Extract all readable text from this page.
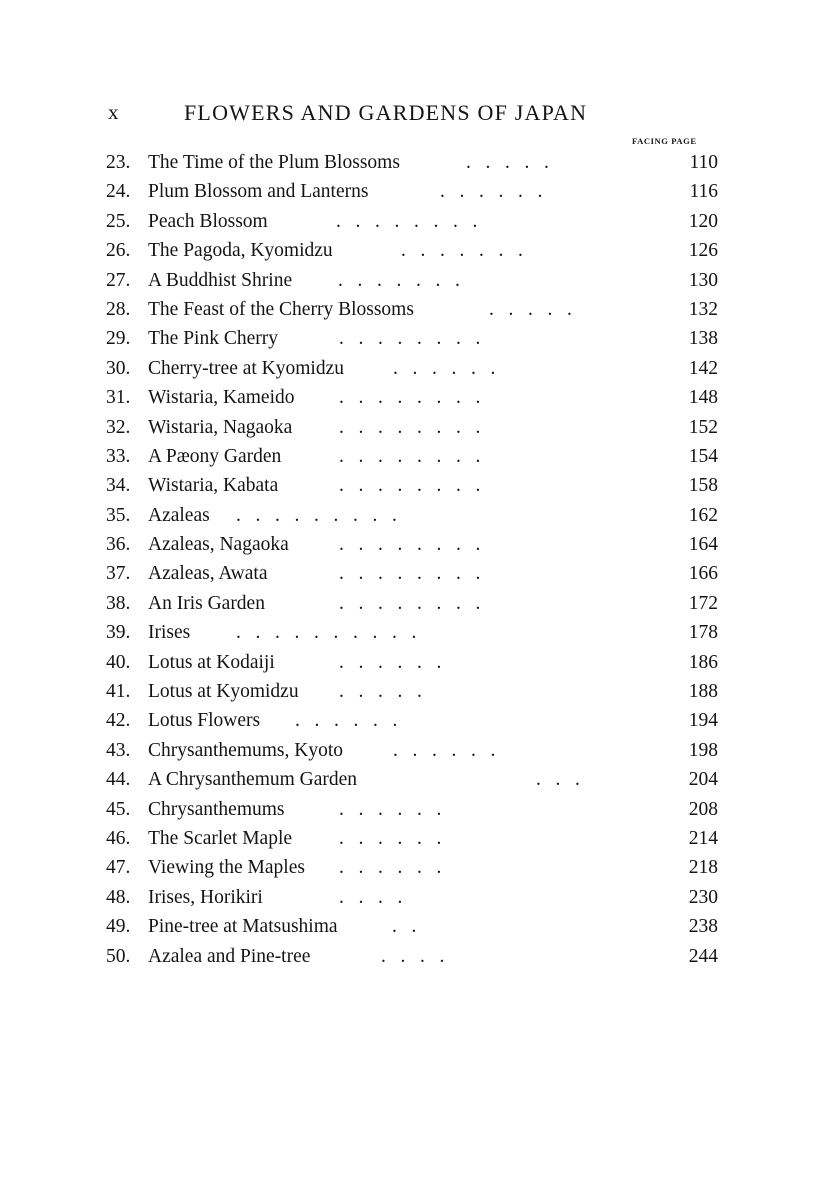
x	FLOWERS AND GARDENS OF JAPAN
FACING PAGE
23. The Time of the Plum Blossoms	.   .   .   .   .	110
24. Plum Blossom and Lanterns	.   .   .   .   .   .	116
25. Peach Blossom	.   .   .   .   .   .   .   .	120
26. The Pagoda, Kyomidzu	.   .   .   .   .   .   .	126
27. A Buddhist Shrine .   .   .   .   .   .   .	130
28. The Feast of the Cherry Blossoms	.   .   .   .   .	132
29. The Pink Cherry	.   .   .   .   .   .   .   .	138
30. Cherry-tree at Kyomidzu	.   .   .   .   .   .	142
31. Wistaria, Kameido .   .   .   .   .   .   .   .	148
32. Wistaria, Nagaoka .   .   .   .   .   .   .   .	152
33. A Pæony Garden	.   .   .   .   .   .   .   .	154
34. Wistaria, Kabata	.   .   .   .   .   .   .   .	158
35. Azaleas .   .   .   .   .   .   .   .   .	162
36. Azaleas, Nagaoka	.   .   .   .   .   .   .   .	164
37. Azaleas, Awata	.   .   .   .   .   .   .   .	166
38. An Iris Garden	.   .   .   .   .   .   .   .	172
39. Irises .   .   .   .   .   .   .   .   .   .	178
40. Lotus at Kodaiji	.   .   .   .   .   .	186
41. Lotus at Kyomidzu .   .   .   .   .	188
42. Lotus Flowers .   .   .   .   .   .	194
43. Chrysanthemums, Kyoto	.   .   .   .   .   .	198
44. A Chrysanthemum Garden	.   .   .	204
45. Chrysanthemums	.   .   .   .   .   .	208
46. The Scarlet Maple .   .   .   .   .   .	214
47. Viewing the Maples .   .   .   .   .   .	218
48. Irises, Horikiri	.   .   .   .	230
49. Pine-tree at Matsushima	.   .	238
50. Azalea and Pine-tree	.   .   .   .	244
